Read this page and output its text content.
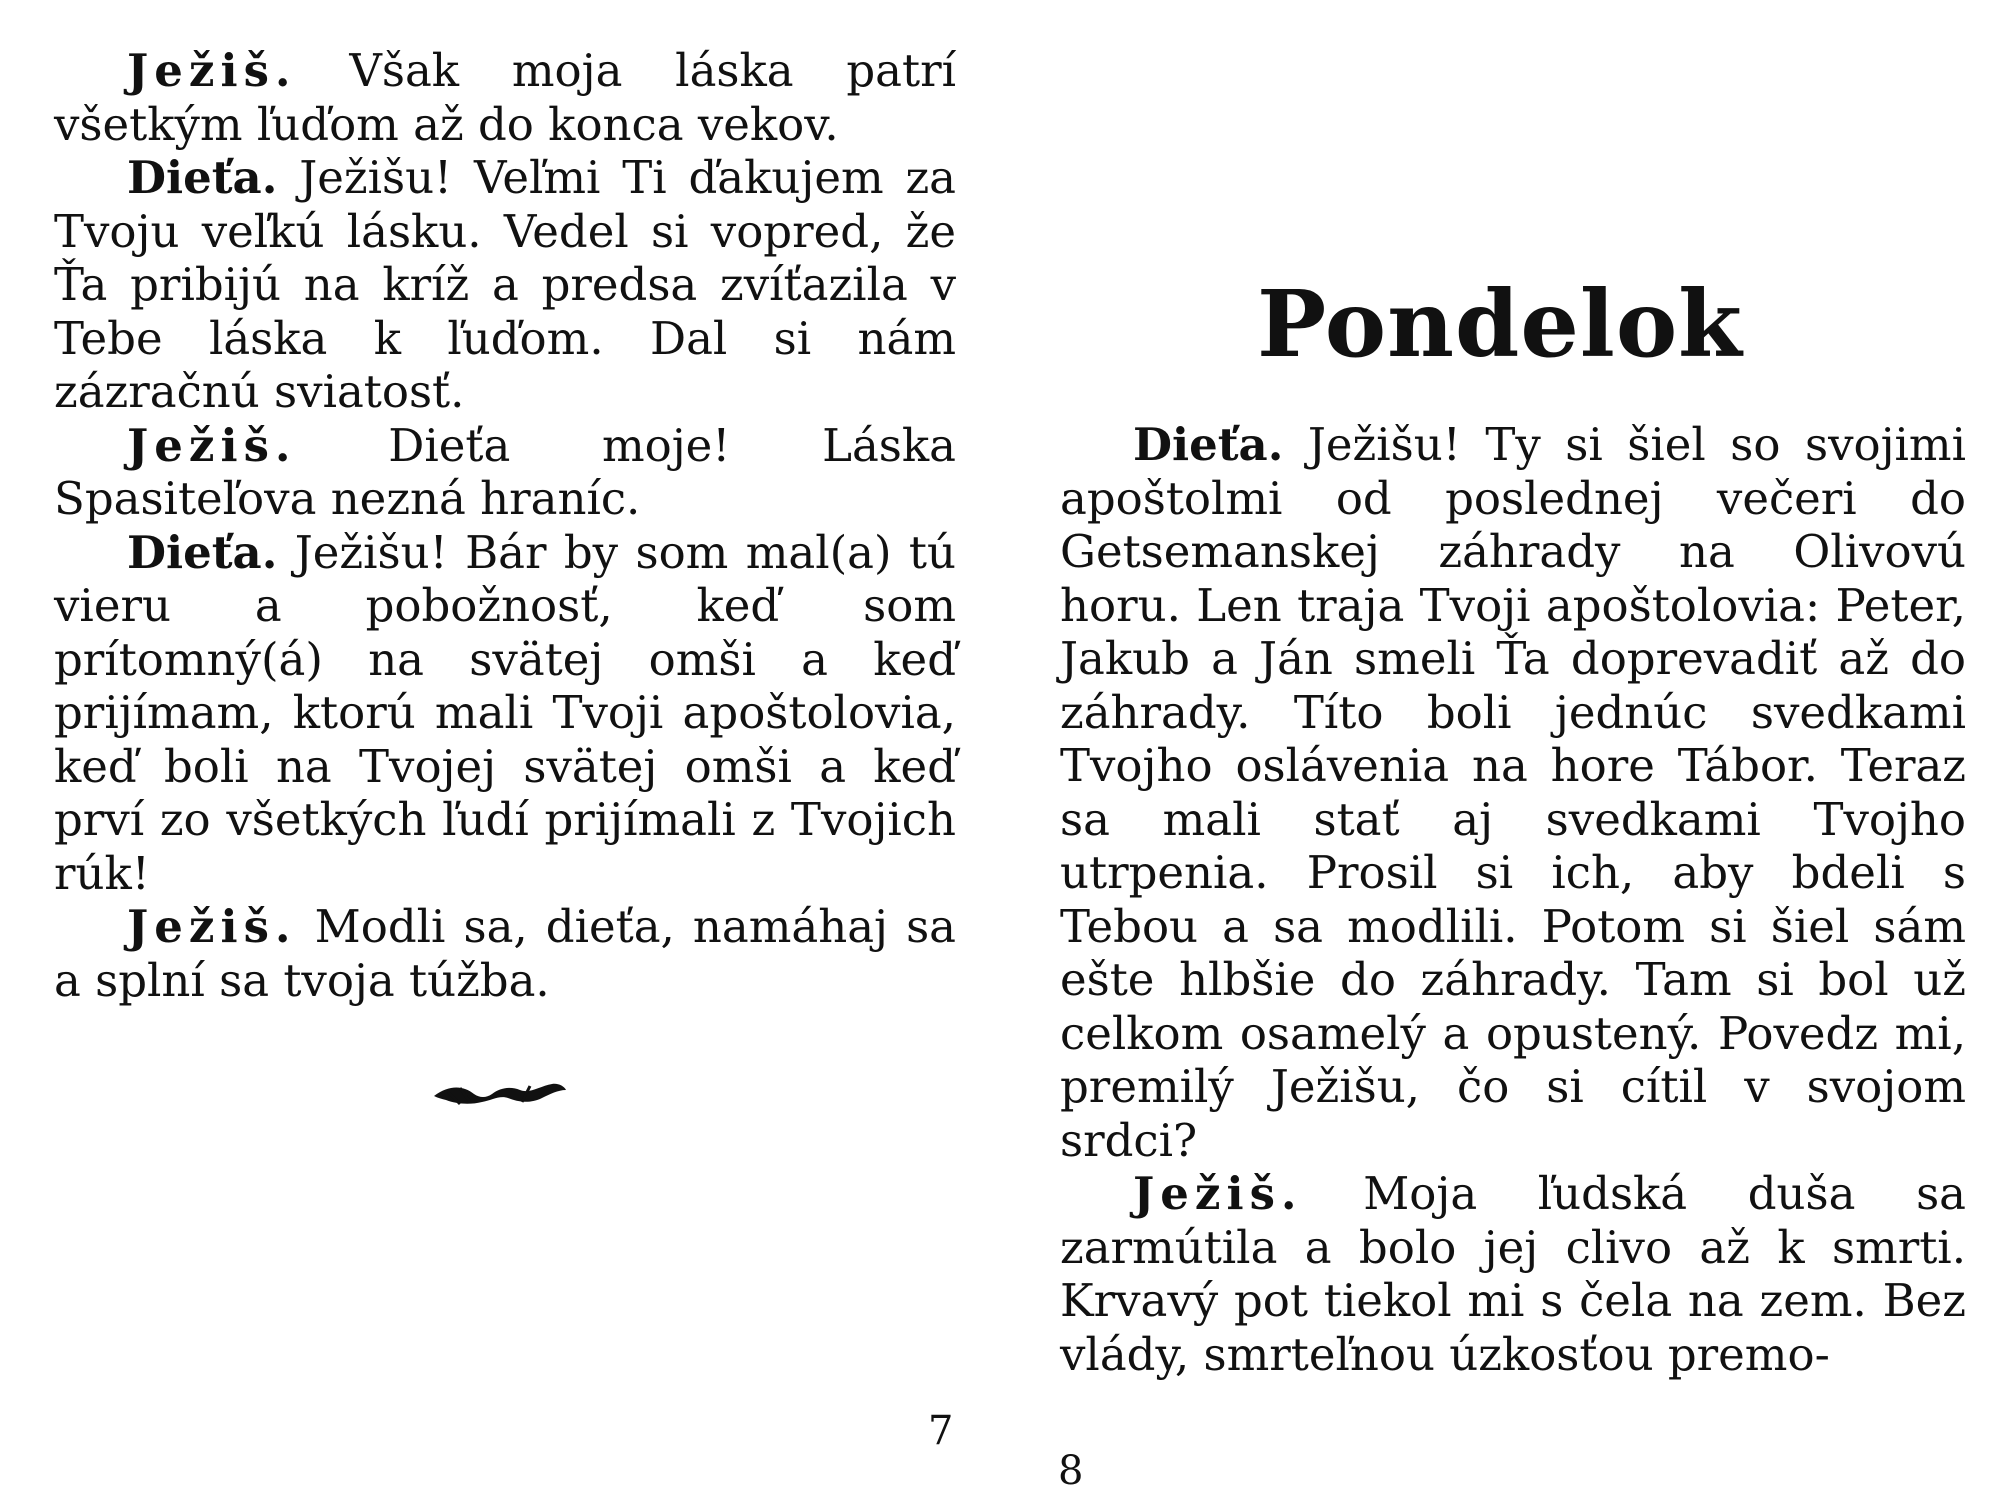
Ježiš. Však moja láska patrí všetkým ľuďom až do konca vekov.

Dieťa. Ježišu! Veľmi Ti ďakujem za Tvoju veľkú lásku. Vedel si vopred, že Ťa pribijú na kríž a predsa zvíťazila v Tebe láska k ľuďom. Dal si nám zázračnú sviatosť.

Ježiš. Dieťa moje! Láska Spasiteľova nezná hraníc.

Dieťa. Ježišu! Bár by som mal(a) tú vieru a pobožnosť, keď som prítomný(á) na svätej omši a keď prijímam, ktorú mali Tvoji apoštolovia, keď boli na Tvojej svätej omši a keď prví zo všetkých ľudí prijímali z Tvojich rúk!

Ježiš. Modli sa, dieťa, namáhaj sa a splní sa tvoja túžba.

7
Pondelok

Dieťa. Ježišu! Ty si šiel so svojimi apoštolmi od poslednej večeri do Getsemanskej záhrady na Olivovú horu. Len traja Tvoji apoštolovia: Peter, Jakub a Ján smeli Ťa doprevadiť až do záhrady. Títo boli jednúc svedkami Tvojho oslávenia na hore Tábor. Teraz sa mali stať aj svedkami Tvojho utrpenia. Prosil si ich, aby bdeli s Tebou a sa modlili. Potom si šiel sám ešte hlbšie do záhrady. Tam si bol už celkom osamelý a opustený. Povedz mi, premilý Ježišu, čo si cítil v svojom srdci?

Ježiš. Moja ľudská duša sa zarmútila a bolo jej clivo až k smrti. Krvavý pot tiekol mi s čela na zem. Bez vlády, smrteľnou úzkosťou premo-

8
